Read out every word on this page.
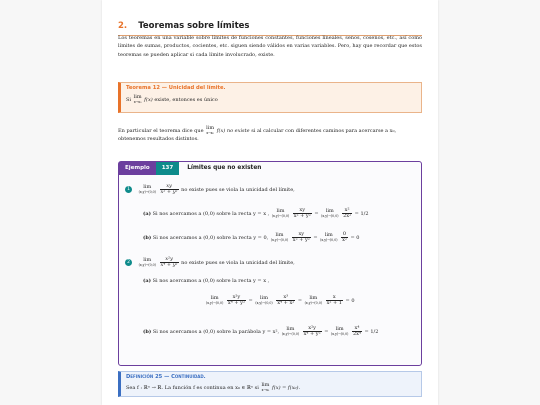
2. Teoremas sobre límites
Los teoremas en una variable sobre límites de funciones constantes, funciones lineales, senos, cosenos, etc., así como límites de sumas, productos, cocientes, etc. siguen siendo válidos en varias variables. Pero, hay que recordar que estos teoremas se pueden aplicar si cada límite involucrado, existe.
Teorema 12 — Unicidad del límite.
Si lim
x→x₀ f(x) existe, entonces es único
En particular el teorema dice que lim
x→x₀ f(x) no existe si al calcular con diferentes caminos para acercarse a x₀,
obtenemos resultados distintos.
Ejemplo	137	Límites que no existen
1	lim
(x,y)→(0,0)
$\frac{xy}{\text{x² + y²}}$ no existe pues se viola la unicidad del límite,
(a) Si nos acercamos a (0,0) sobre la recta y = x ,	lim
(x,y)→(0,0)
$\frac{xy}{\text{x² + y²}}$ =	lim
(x,y)→(0,0)
$\frac{\text{x²}}{\text{2x²}} = 1/2$
(b) Si nos acercamos a (0,0) sobre la recta y = 0,	lim
(x,y)→(0,0)
$\frac{xy}{\text{x² + y²}}$ =	lim
(x,y)→(0,0)
$\frac{0}{\text{x²}} = 0$
2	lim
(x,y)→(0,0)
$\frac{\text{x²y}}{\text{x⁴ + y²}}$ no existe pues se viola la unicidad del límite,
(a) Si nos acercamos a (0,0) sobre la recta y = x ,
lim
(x,y)→(0,0)
$\frac{\text{x²y}}{\text{x⁴ + y²}}$ =	lim
(x,y)→(0,0)
$\frac{\text{x³}}{\text{x⁴ + x²}}$ =	lim
(x,y)→(0,0)
$\frac{x}{\text{x² + 1}} = 0$
(b) Si nos acercamos a (0,0) sobre la parábola y = x²,	lim
(x,y)→(0,0)
$\frac{\text{x²y}}{\text{x⁴ + y²}}$ =	lim
(x,y)→(0,0)
$\frac{\text{x⁴}}{\text{2x⁴}} = 1/2$
Definición 25 — Continuidad.
Sea f : ℝⁿ → ℝ. La función f es continua en x₀ ∈ ℝⁿ si lim
x→x₀ f(x) = f(x₀).
